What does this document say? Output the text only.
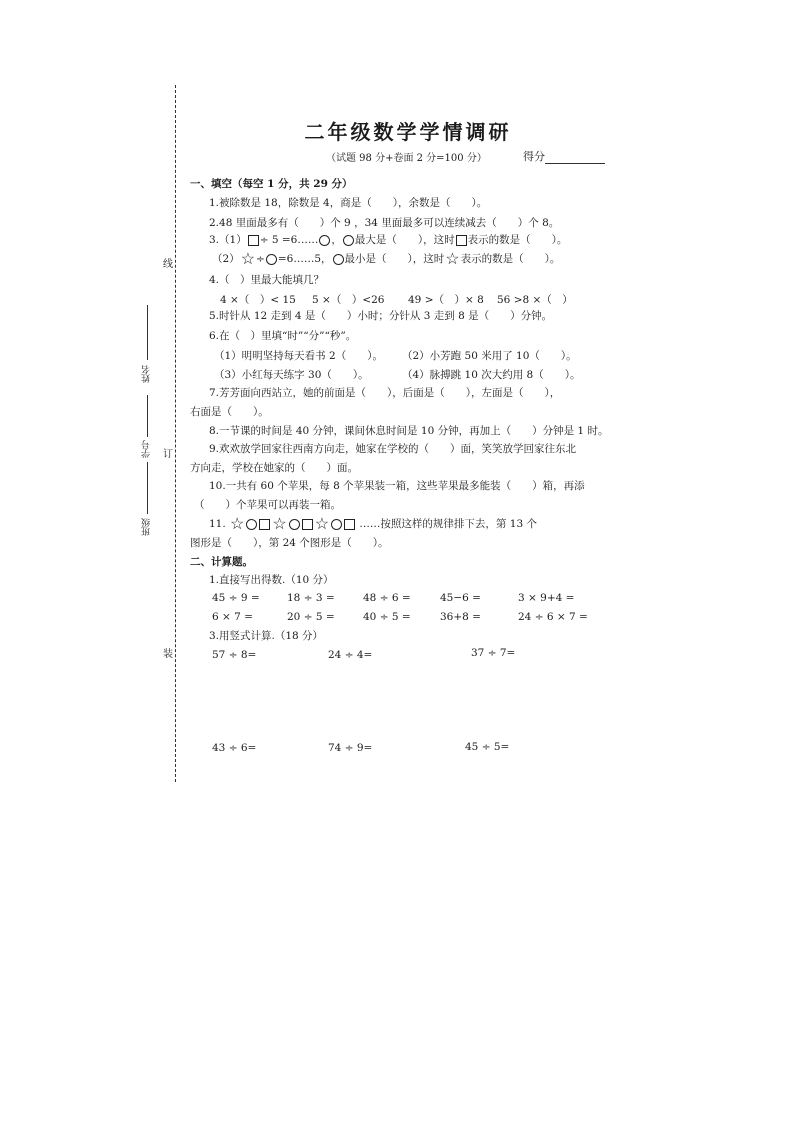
线
订
装
姓名
学号
班级
二年级数学学情调研
（试题 98 分+卷面 2 分=100 分）	得分
一、填空（每空 1 分，共 29 分）
1.被除数是 18，除数是 4，商是（　　），余数是（　　）。
2.48 里面最多有（　　）个 9 ，34 里面最多可以连续减去（　　）个 8。
3.（1） ÷ 5 =6…… ， 最大是（　　），这时 表示的数是（　　）。
（2）☆÷ =6……5， 最小是（　　），这时☆表示的数是（　　）。
4.（　）里最大能填几？
4 ×（　）< 15 5 ×（　）<26 49 >（　）× 8 56 >8 ×（　）
5.时针从 12 走到 4 是（　　）小时；分针从 3 走到 8 是（　　）分钟。
6.在（　）里填“时”“分”“秒”。
（1）明明坚持每天看书 2（　　）。 （2）小芳跑 50 米用了 10（　　）。
（3）小红每天练字 30（　　）。	（4）脉搏跳 10 次大约用 8（　　）。
7.芳芳面向西站立，她的前面是（　　），后面是（　　），左面是（　　），
右面是（　　）。
8.一节课的时间是 40 分钟，课间休息时间是 10 分钟，再加上（　　）分钟是 1 时。
9.欢欢放学回家往西南方向走，她家在学校的（　　）面，笑笑放学回家往东北
方向走，学校在她家的（　　）面。
10.一共有 60 个苹果，每 8 个苹果装一箱，这些苹果最多能装（　　）箱，再添
（　　）个苹果可以再装一箱。
11. ☆ ☆ ☆	……按照这样的规律排下去，第 13 个
图形是（　　），第 24 个图形是（　　）。
二、计算题。
1.直接写出得数.（10 分）
45 ÷ 9 =	18 ÷ 3 =	48 ÷ 6 =	45−6 =	3 × 9+4 =
6 × 7 =	20 ÷ 5 =	40 ÷ 5 =	36+8 =	24 ÷ 6 × 7 =
3.用竖式计算.（18 分）
57 ÷ 8=	24 ÷ 4=	37 ÷ 7=
43 ÷ 6=	74 ÷ 9=	45 ÷ 5=
